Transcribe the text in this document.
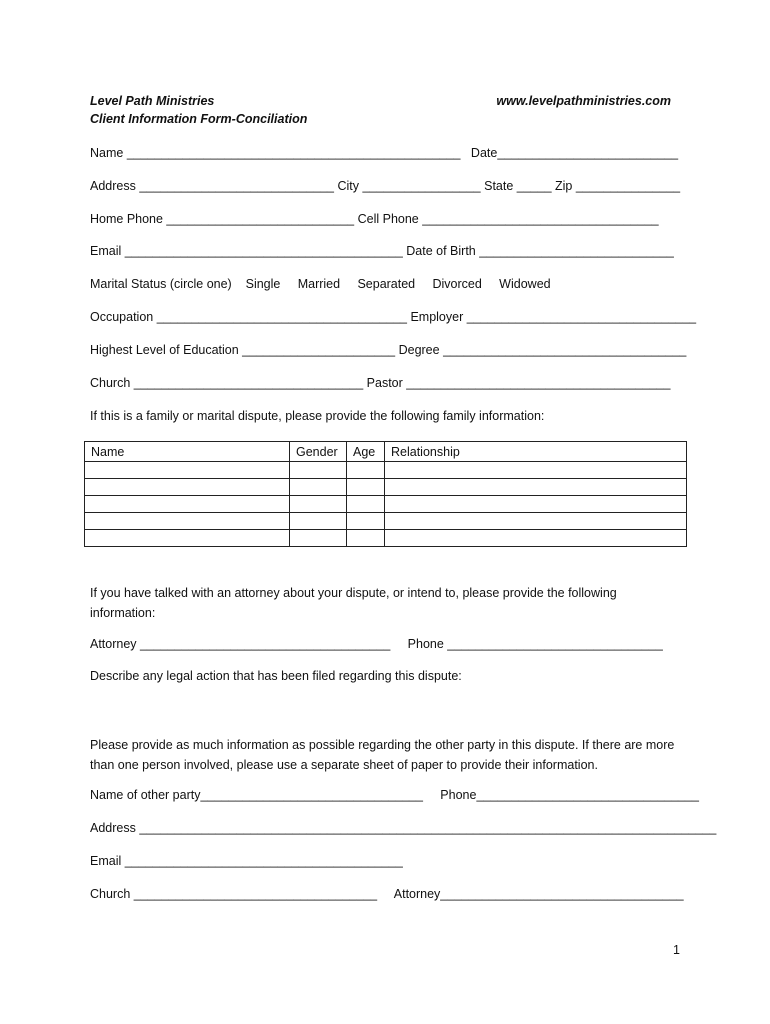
Level Path Ministries
Client Information Form-Conciliation
www.levelpathministries.com
Name ________________________________________________   Date__________________________
Address ____________________________ City _________________ State _____ Zip _______________
Home Phone ___________________________ Cell Phone __________________________________
Email ________________________________________ Date of Birth ____________________________
Marital Status (circle one)    Single     Married     Separated     Divorced     Widowed
Occupation ____________________________________ Employer _________________________________
Highest Level of Education ______________________ Degree ___________________________________
Church _________________________________ Pastor ______________________________________
If this is a family or marital dispute, please provide the following family information:
Name	Gender	Age	Relationship

If you have talked with an attorney about your dispute, or intend to, please provide the following information:
Attorney ____________________________________     Phone _______________________________
Describe any legal action that has been filed regarding this dispute:
Please provide as much information as possible regarding the other party in this dispute. If there are more than one person involved, please use a separate sheet of paper to provide their information.
Name of other party________________________________     Phone________________________________
Address ___________________________________________________________________________________
Email ________________________________________
Church ___________________________________     Attorney___________________________________
1
